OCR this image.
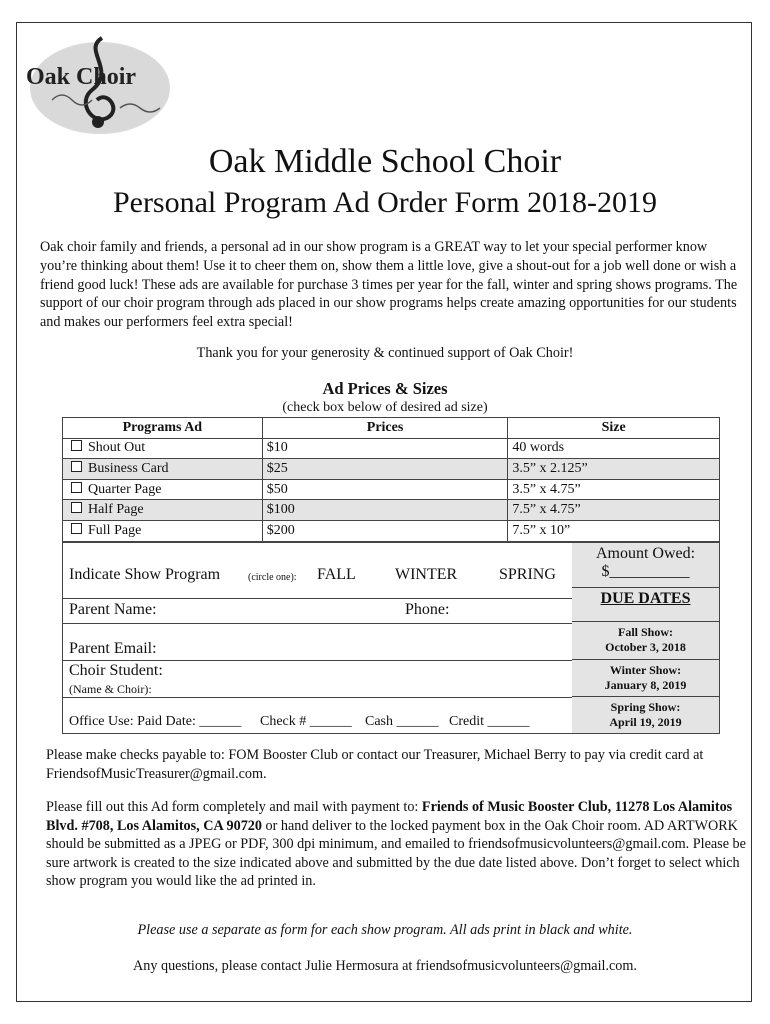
Oak Choir
Oak Middle School Choir
Personal Program Ad Order Form 2018-2019
Oak choir family and friends, a personal ad in our show program is a GREAT way to let your special performer know you’re thinking about them! Use it to cheer them on, show them a little love, give a shout-out for a job well done or wish a friend good luck! These ads are available for purchase 3 times per year for the fall, winter and spring shows programs. The support of our choir program through ads placed in our show programs helps create amazing opportunities for our students and makes our performers feel extra special!
Thank you for your generosity & continued support of Oak Choir!
Ad Prices & Sizes
(check box below of desired ad size)
Programs Ad	Prices	Size
Shout Out	$10	40 words
Business Card	$25	3.5” x 2.125”
Quarter Page	$50	3.5” x 4.75”
Half Page	$100	7.5” x 4.75”
Full Page	$200	7.5” x 10”
Indicate Show Program	(circle one): FALL WINTER	SPRING
Parent Name:	Phone:
Parent Email:
Choir Student:
(Name & Choir):
Office Use: Paid Date: ______ Check # ______ Cash ______ Credit ______
Amount Owed:
$__________
DUE DATES
Fall Show:
October 3, 2018
Winter Show:
January 8, 2019
Spring Show:
April 19, 2019
Please make checks payable to: FOM Booster Club or contact our Treasurer, Michael Berry to pay via credit card at FriendsofMusicTreasurer@gmail.com.
Please fill out this Ad form completely and mail with payment to: Friends of Music Booster Club, 11278 Los Alamitos Blvd. #708, Los Alamitos, CA 90720 or hand deliver to the locked payment box in the Oak Choir room. AD ARTWORK should be submitted as a JPEG or PDF, 300 dpi minimum, and emailed to friendsofmusicvolunteers@gmail.com. Please be sure artwork is created to the size indicated above and submitted by the due date listed above. Don’t forget to select which show program you would like the ad printed in.
Please use a separate as form for each show program. All ads print in black and white.
Any questions, please contact Julie Hermosura at friendsofmusicvolunteers@gmail.com.
